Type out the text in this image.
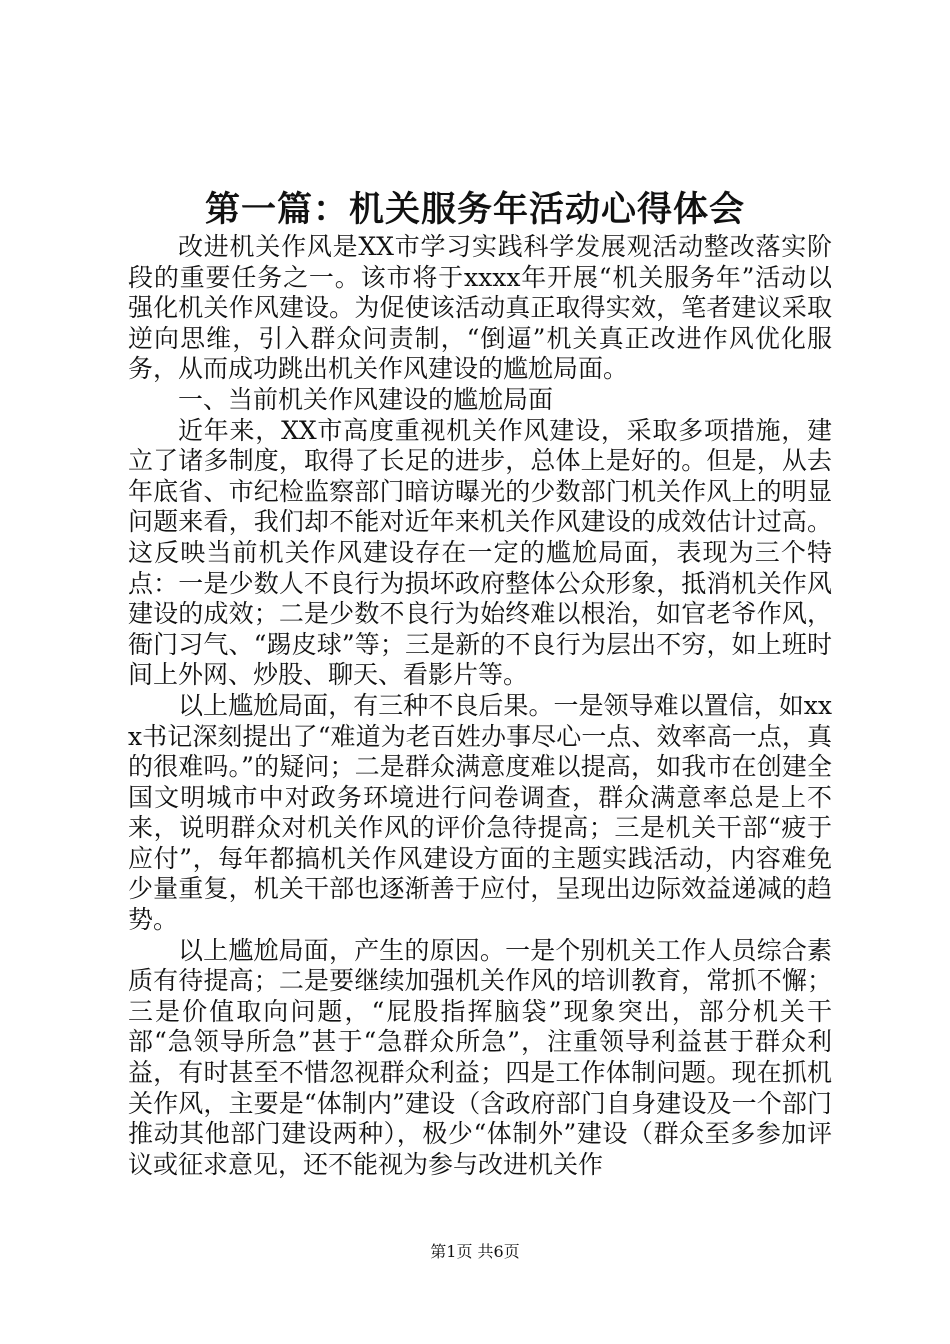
第一篇：机关服务年活动心得体会

改进机关作风是XX市学习实践科学发展观活动整改落实阶段的重要任务之一。该市将于xxxx年开展“机关服务年”活动以强化机关作风建设。为促使该活动真正取得实效，笔者建议采取逆向思维，引入群众问责制，“倒逼”机关真正改进作风优化服务，从而成功跳出机关作风建设的尴尬局面。

一、当前机关作风建设的尴尬局面

近年来，XX市高度重视机关作风建设，采取多项措施，建立了诸多制度，取得了长足的进步，总体上是好的。但是，从去年底省、市纪检监察部门暗访曝光的少数部门机关作风上的明显问题来看，我们却不能对近年来机关作风建设的成效估计过高。这反映当前机关作风建设存在一定的尴尬局面，表现为三个特点：一是少数人不良行为损坏政府整体公众形象，抵消机关作风建设的成效；二是少数不良行为始终难以根治，如官老爷作风，衙门习气、“踢皮球”等；三是新的不良行为层出不穷，如上班时间上外网、炒股、聊天、看影片等。

以上尴尬局面，有三种不良后果。一是领导难以置信，如xxx书记深刻提出了“难道为老百姓办事尽心一点、效率高一点，真的很难吗。”的疑问；二是群众满意度难以提高，如我市在创建全国文明城市中对政务环境进行问卷调查，群众满意率总是上不来，说明群众对机关作风的评价急待提高；三是机关干部“疲于应付”，每年都搞机关作风建设方面的主题实践活动，内容难免少量重复，机关干部也逐渐善于应付，呈现出边际效益递减的趋势。

以上尴尬局面，产生的原因。一是个别机关工作人员综合素质有待提高；二是要继续加强机关作风的培训教育，常抓不懈；三是价值取向问题，“屁股指挥脑袋”现象突出，部分机关干部“急领导所急”甚于“急群众所急”，注重领导利益甚于群众利益，有时甚至不惜忽视群众利益；四是工作体制问题。现在抓机关作风，主要是“体制内”建设（含政府部门自身建设及一个部门推动其他部门建设两种），极少“体制外”建设（群众至多参加评议或征求意见，还不能视为参与改进机关作

第1页 共6页
